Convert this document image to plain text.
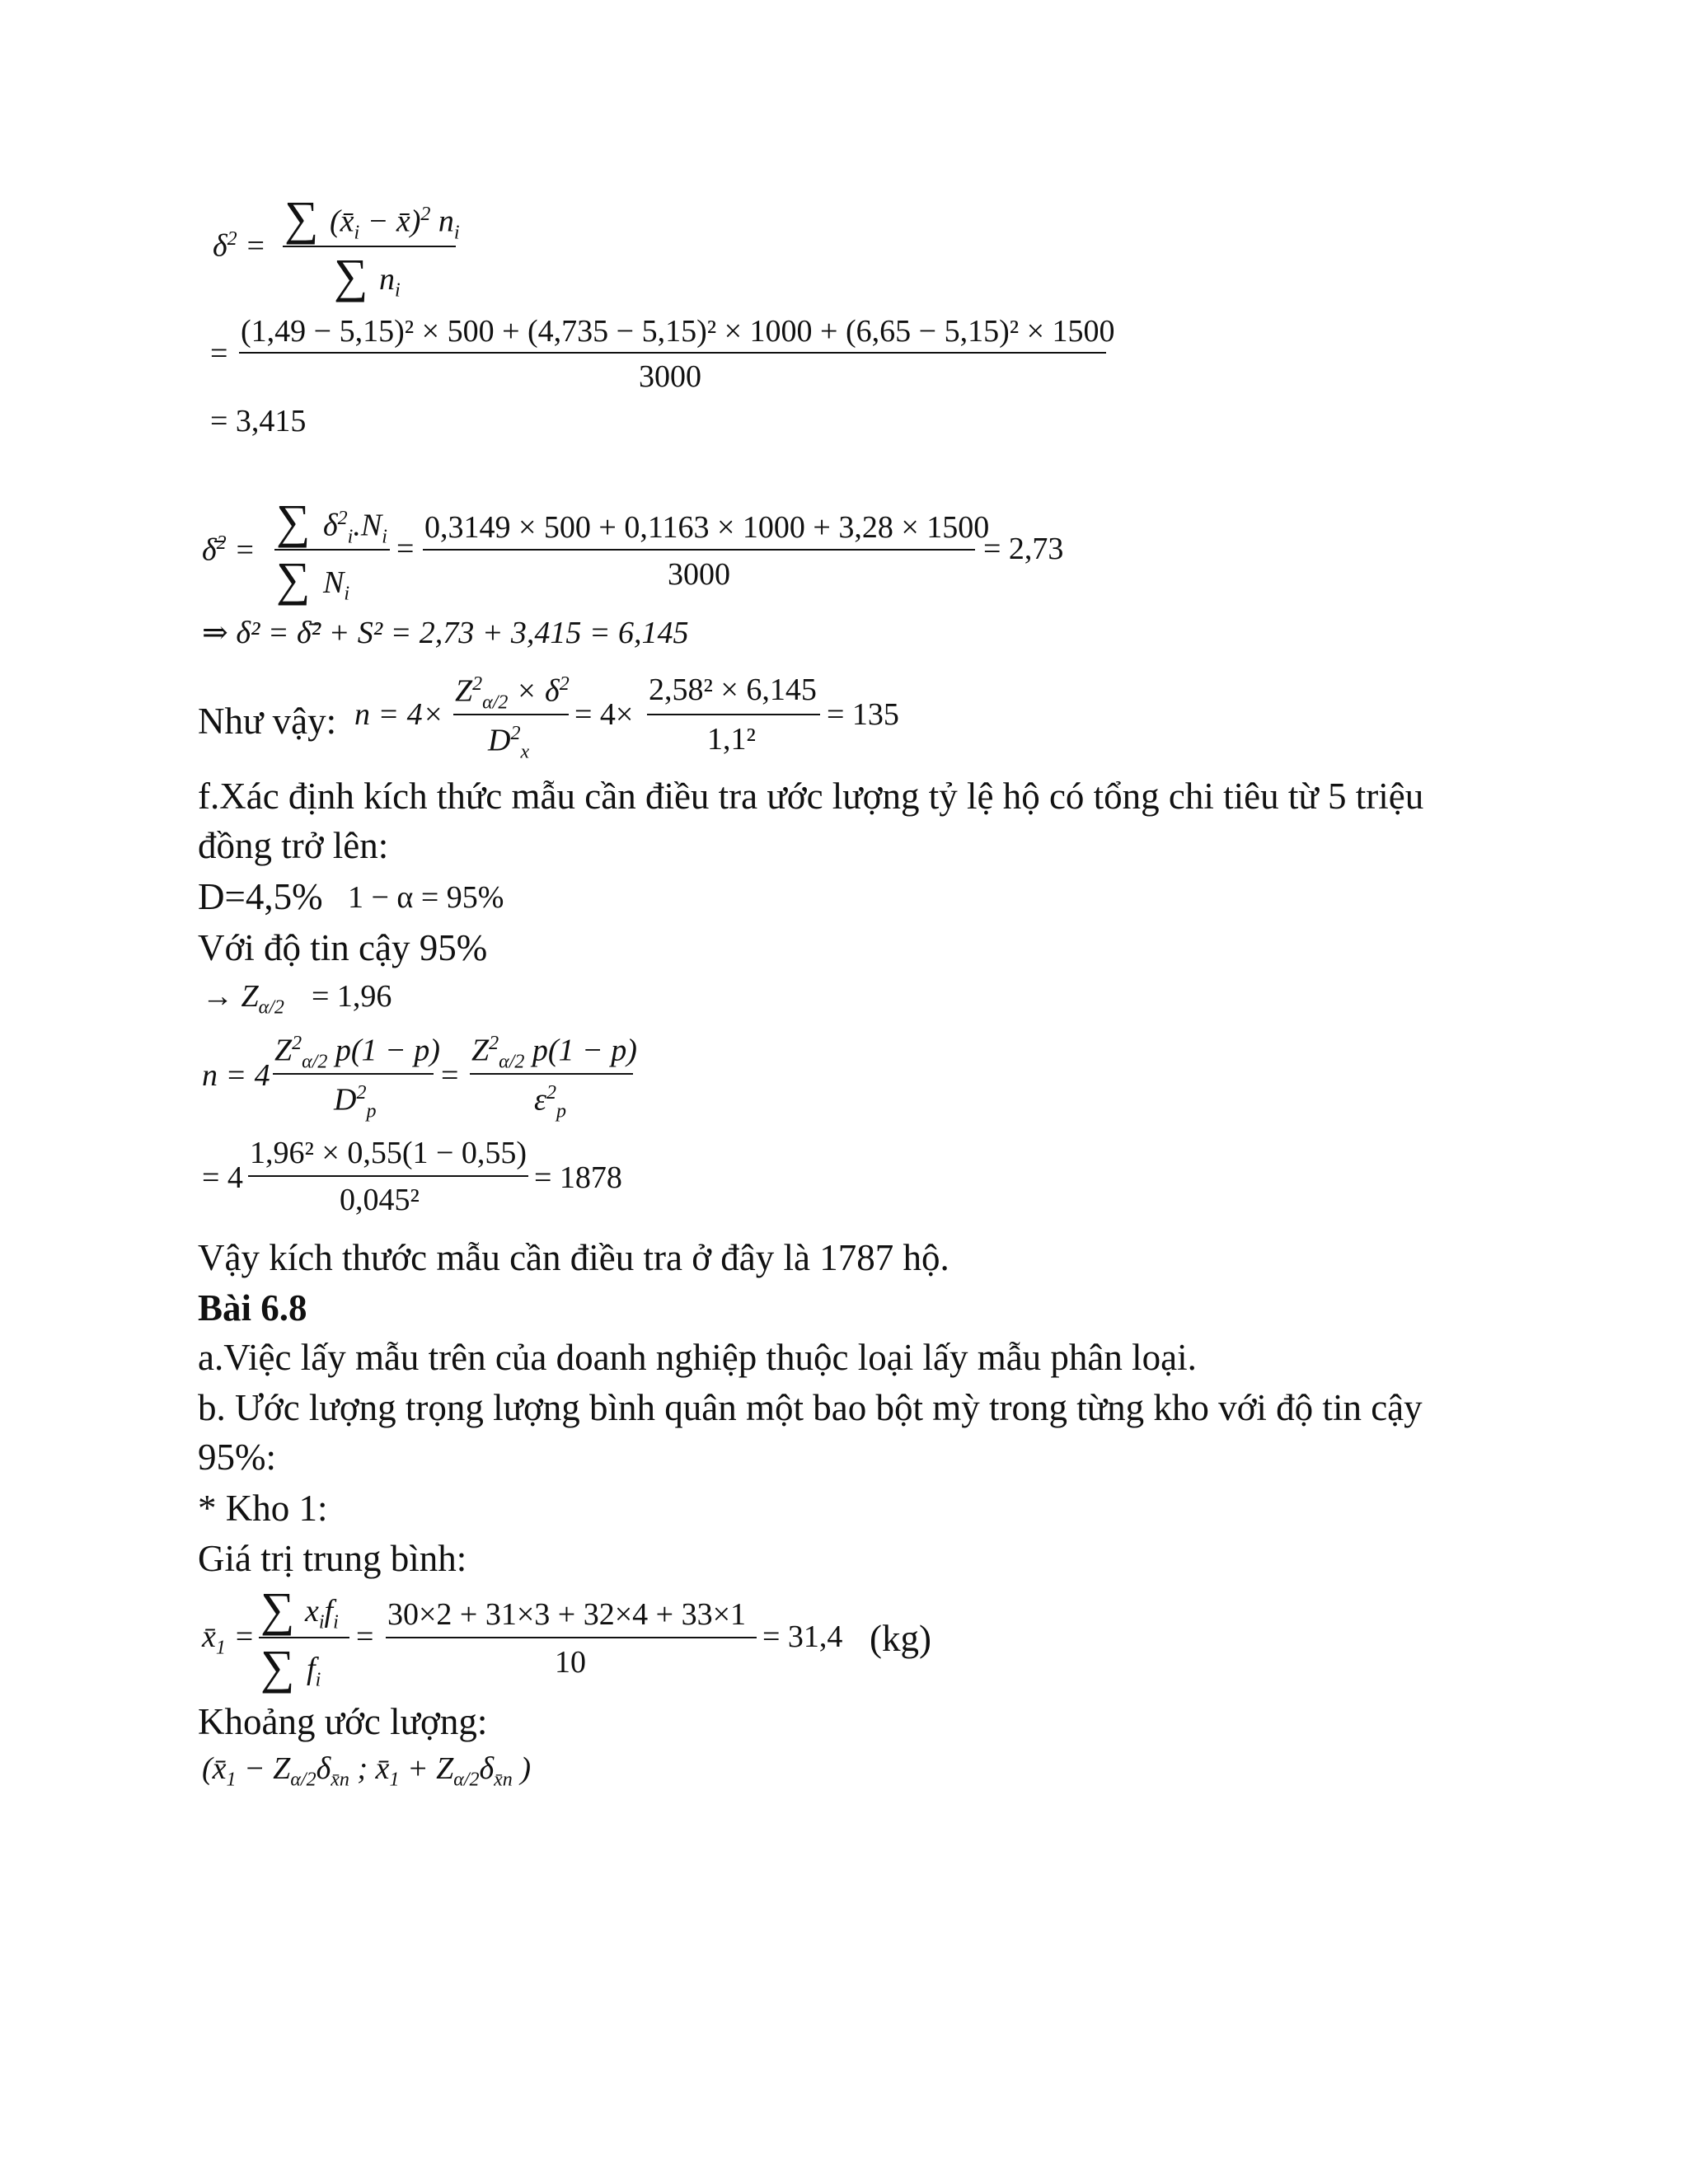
$\delta^2$ =
∑ ($x̄_i$ − x̄)$^2$ $n_i$
∑ $n_i$
=
(1,49 − 5,15)² × 500 + (4,735 − 5,15)² × 1000 + (6,65 − 5,15)² × 1500
3000
= 3,415
δ̄$^2$ =
∑ $\delta^2_i.N_i$
∑ $N_i$
=
0,3149 × 500 + 0,1163 × 1000 + 3,28 × 1500
3000
= 2,73
⇒ δ² = δ̄² + S² = 2,73 + 3,415 = 6,145
Như vậy: n = 4×
$Z^2_{\alpha/2} \times \delta^2$
$D^2_x$
= 4×
2,58² × 6,145
1,1²
= 135
f.Xác định kích thức mẫu cần điều tra ước lượng tỷ lệ hộ có tổng chi tiêu từ 5 triệu
đồng trở lên:
D=4,5% 1 − α = 95%
Với độ tin cậy 95%
→ $Z_{\alpha/2} = 1,96$
n = 4
$Z^2_{\alpha/2}$ p(1 − p)
$D^2_p$
=
$Z^2_{\alpha/2}$ p(1 − p)
$\varepsilon^2_p$
= 4
1,96² × 0,55(1 − 0,55)
0,045²
= 1878
Vậy kích thước mẫu cần điều tra ở đây là 1787 hộ.
Bài 6.8
a.Việc lấy mẫu trên của doanh nghiệp thuộc loại lấy mẫu phân loại.
b. Ước lượng trọng lượng bình quân một bao bột mỳ trong từng kho với độ tin cậy
95%:
* Kho 1:
Giá trị trung bình:
$x̄_1$ =
∑ $x_if_i$
∑ $f_i$
=
30×2 + 31×3 + 32×4 + 33×1
10
= 31,4 (kg)
Khoảng ước lượng:
($x̄_1 - Z_{\alpha/2}\delta_{x̄n}$ ; $x̄_1 + Z_{\alpha/2}\delta_{x̄n}$ )
